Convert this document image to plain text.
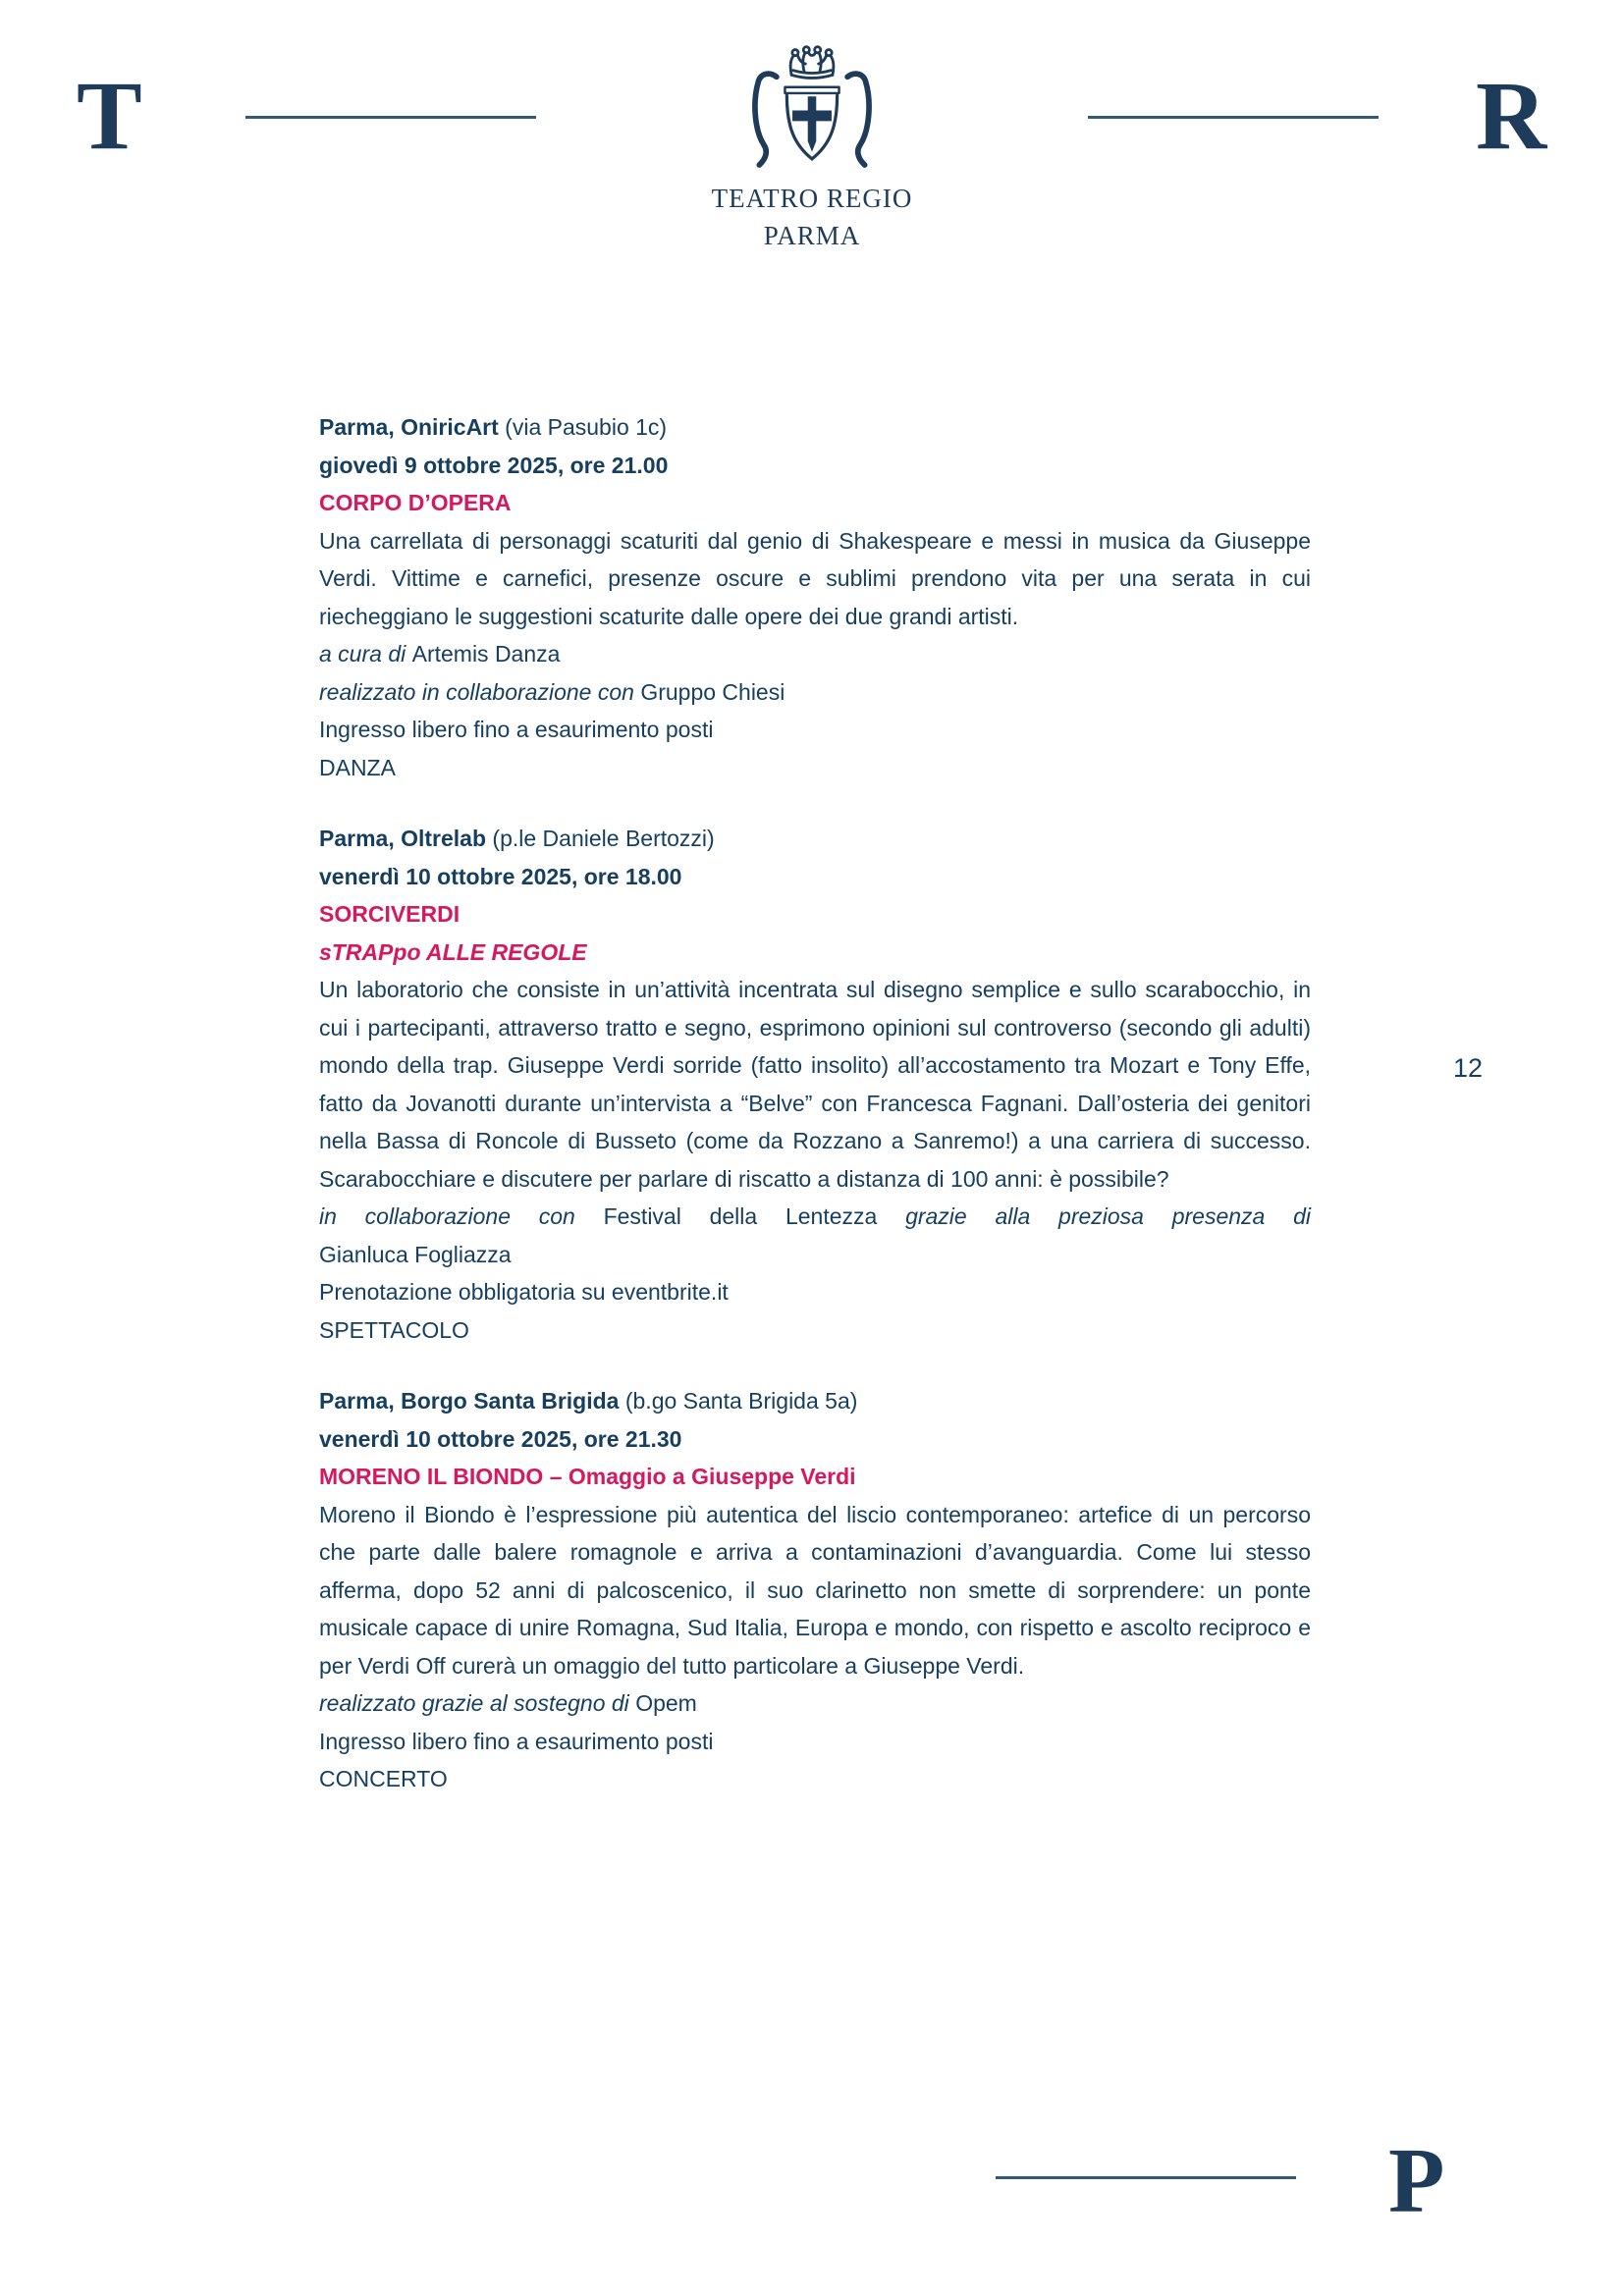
T
TEATRO REGIO
PARMA
R
Parma, OniricArt (via Pasubio 1c)
giovedì 9 ottobre 2025, ore 21.00
CORPO D’OPERA
Una carrellata di personaggi scaturiti dal genio di Shakespeare e messi in musica da Giuseppe Verdi. Vittime e carnefici, presenze oscure e sublimi prendono vita per una serata in cui riecheggiano le suggestioni scaturite dalle opere dei due grandi artisti.
a cura di Artemis Danza
realizzato in collaborazione con Gruppo Chiesi
Ingresso libero fino a esaurimento posti
DANZA
Parma, Oltrelab (p.le Daniele Bertozzi)
venerdì 10 ottobre 2025, ore 18.00
SORCIVERDI
sTRAPpo ALLE REGOLE
Un laboratorio che consiste in un’attività incentrata sul disegno semplice e sullo scarabocchio, in cui i partecipanti, attraverso tratto e segno, esprimono opinioni sul controverso (secondo gli adulti) mondo della trap. Giuseppe Verdi sorride (fatto insolito) all’accostamento tra Mozart e Tony Effe, fatto da Jovanotti durante un’intervista a “Belve” con Francesca Fagnani. Dall’osteria dei genitori nella Bassa di Roncole di Busseto (come da Rozzano a Sanremo!) a una carriera di successo. Scarabocchiare e discutere per parlare di riscatto a distanza di 100 anni: è possibile?
in collaborazione con Festival della Lentezza grazie alla preziosa presenza di
Gianluca Fogliazza
Prenotazione obbligatoria su eventbrite.it
SPETTACOLO
Parma, Borgo Santa Brigida (b.go Santa Brigida 5a)
venerdì 10 ottobre 2025, ore 21.30
MORENO IL BIONDO – Omaggio a Giuseppe Verdi
Moreno il Biondo è l’espressione più autentica del liscio contemporaneo: artefice di un percorso che parte dalle balere romagnole e arriva a contaminazioni d’avanguardia. Come lui stesso afferma, dopo 52 anni di palcoscenico, il suo clarinetto non smette di sorprendere: un ponte musicale capace di unire Romagna, Sud Italia, Europa e mondo, con rispetto e ascolto reciproco e per Verdi Off curerà un omaggio del tutto particolare a Giuseppe Verdi.
realizzato grazie al sostegno di Opem
Ingresso libero fino a esaurimento posti
CONCERTO
12
P
